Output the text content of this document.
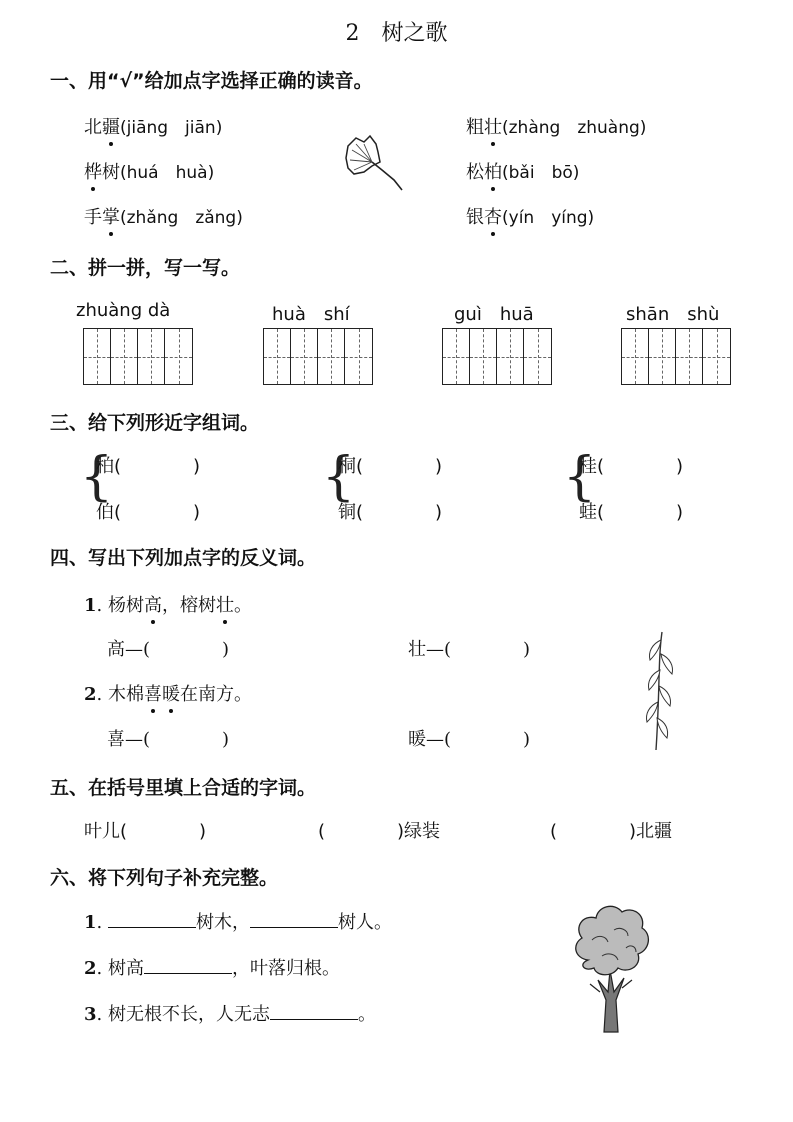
2 树之歌
一、用“√”给加点字选择正确的读音。
北疆(jiāng　jiān)
桦树(huá　huà)
手掌(zhǎng　zǎng)
粗壮(zhàng　zhuàng)
松柏(bǎi　bō)
银杏(yín　yíng)
二、拼一拼，写一写。
zhuàng dà	huà　shí	guì　huā	shān　shù
三、给下列形近字组词。
{
柏(　　　　)
伯(　　　　)
{
桐(　　　　)
铜(　　　　)
{
桂(　　　　)
蛙(　　　　)
四、写出下列加点字的反义词。
1. 杨树高，榕树壮。
高—(　　　　)	壮—(　　　　)
2. 木棉喜暖在南方。
喜—(　　　　)	暖—(　　　　)
五、在括号里填上合适的字词。
叶儿(　　　　)	(　　　　)绿装	(　　　　)北疆
六、将下列句子补充完整。
1.	树木，	树人。
2. 树高	，叶落归根。
3. 树无根不长，人无志	。
